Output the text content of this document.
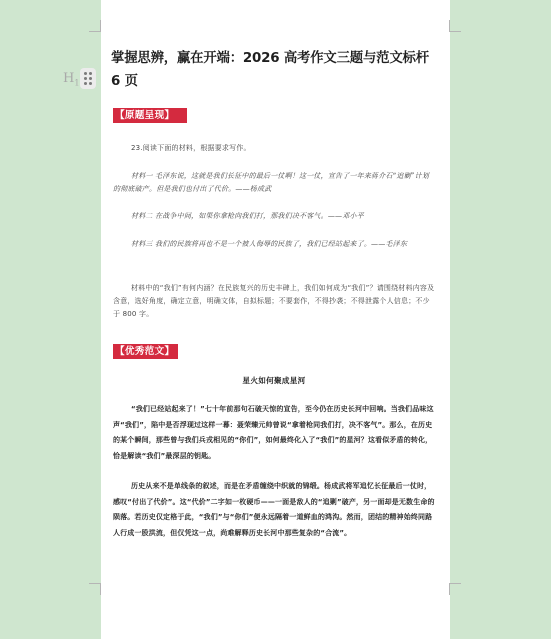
$H_1$
掌握思辨，赢在开端：2026 高考作文三题与范文标杆 6 页
【原题呈现】

23.阅读下面的材料，根据要求写作。

材料一 毛泽东说，这就是我们长征中的最后一仗啊！这一仗，宣告了一年来蒋介石“追剿”计划的彻底破产。但是我们也付出了代价。——杨成武

材料二 在战争中间，如果你拿枪向我们打，那我们决不客气。——邓小平

材料三 我们的民族将再也不是一个被人侮辱的民族了，我们已经站起来了。——毛泽东

材料中的“我们”有何内涵？在民族复兴的历史丰碑上，我们如何成为“我们”？请围绕材料内容及含意，选好角度，确定立意，明确文体，自拟标题；不要套作，不得抄袭；不得泄露个人信息；不少于 800 字。

【优秀范文】
星火如何聚成星河

“我们已经站起来了！”七十年前那句石破天惊的宣告，至今仍在历史长河中回响。当我们品味这声“我们”，陷中是否浮现过这样一幕：聂荣臻元帅曾说“拿着枪同我们打，决不客气”。那么，在历史的某个瞬间，那些曾与我们兵戎相见的“你们”，如何最终化入了“我们”的星河？这看似矛盾的转化，恰是解读“我们”最深层的钥匙。

历史从来不是单线条的叙述，而是在矛盾缠绕中织就的锦缎。杨成武将军追忆长征最后一仗时，感叹“付出了代价”。这“代价”二字如一枚硬币——一面是敌人的“追剿”破产，另一面却是无数生命的陨落。若历史仅定格于此，“我们”与“你们”便永远隔着一道鲜血的鸿沟。然而，团结的精神始终同路人行成一股洪流，但仅凭这一点，尚难解释历史长河中那些复杂的“合流”。
